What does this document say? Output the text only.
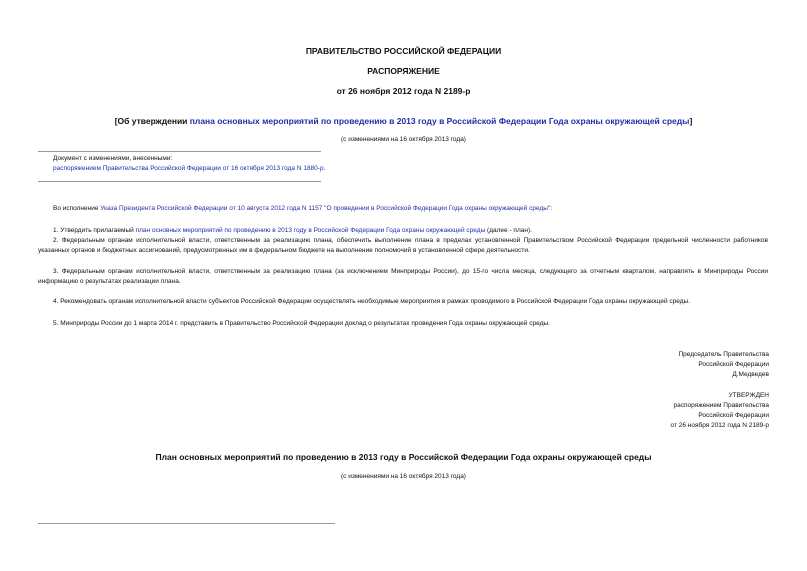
ПРАВИТЕЛЬСТВО РОССИЙСКОЙ ФЕДЕРАЦИИ
РАСПОРЯЖЕНИЕ
от 26 ноября 2012 года N 2189-р
[Об утверждении плана основных мероприятий по проведению в 2013 году в Российской Федерации Года охраны окружающей среды]
(с изменениями на 16 октября 2013 года)
Документ с изменениями, внесенными:
распоряжением Правительства Российской Федерации от 16 октября 2013 года N 1880-р.
Во исполнение Указа Президента Российской Федерации от 10 августа 2012 года N 1157 "О проведении в Российской Федерации Года охраны окружающей среды":
1. Утвердить прилагаемый план основных мероприятий по проведению в 2013 году в Российской Федерации Года охраны окружающей среды (далее - план).
2. Федеральным органам исполнительной власти, ответственным за реализацию плана, обеспечить выполнение плана в пределах установленной Правительством Российской Федерации предельной численности работников указанных органов и бюджетных ассигнований, предусмотренных им в федеральном бюджете на выполнение полномочий в установленной сфере деятельности.
3. Федеральным органам исполнительной власти, ответственным за реализацию плана (за исключением Минприроды России), до 15-го числа месяца, следующего за отчетным кварталом, направлять в Минприроды России информацию о результатах реализации плана.
4. Рекомендовать органам исполнительной власти субъектов Российской Федерации осуществлять необходимые мероприятия в рамках проводимого в Российской Федерации Года охраны окружающей среды.
5. Минприроды России до 1 марта 2014 г. представить в Правительство Российской Федерации доклад о результатах проведения Года охраны окружающей среды.
Председатель Правительства
Российской Федерации
Д.Медведев
УТВЕРЖДЕН
распоряжением Правительства
Российской Федерации
от 26 ноября 2012 года N 2189-р
План основных мероприятий по проведению в 2013 году в Российской Федерации Года охраны окружающей среды
(с изменениями на 16 октября 2013 года)
